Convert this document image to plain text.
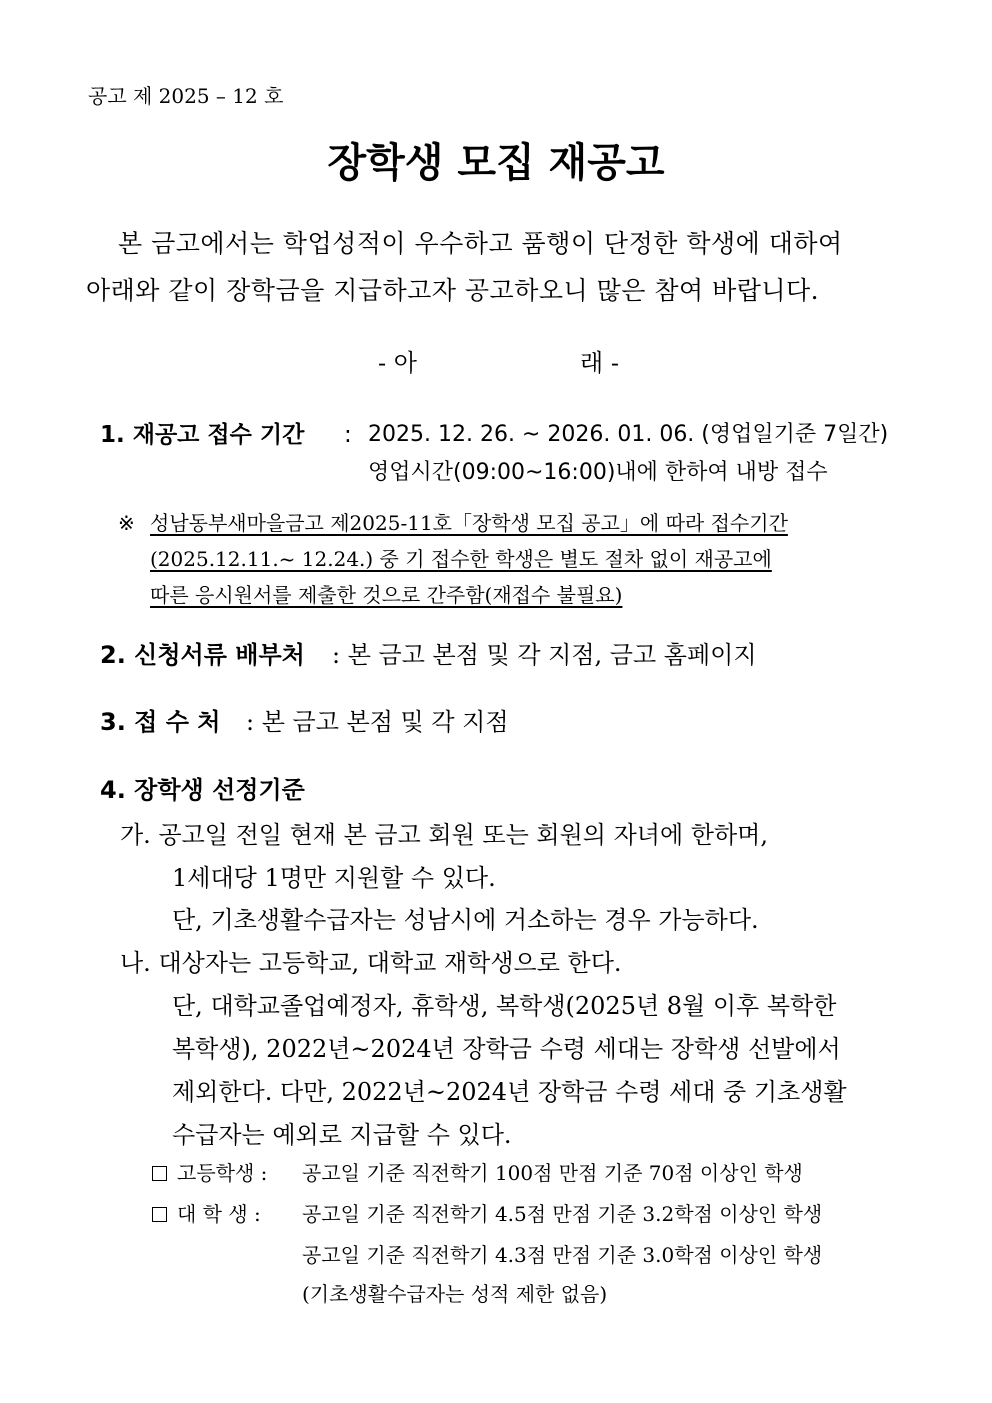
공고 제 2025 – 12 호
장학생 모집 재공고
본 금고에서는 학업성적이 우수하고 품행이 단정한 학생에 대하여
아래와 같이 장학금을 지급하고자 공고하오니 많은 참여 바랍니다.
- 아	래 -
1. 재공고 접수 기간 : 2025. 12. 26. ~ 2026. 01. 06. (영업일기준 7일간)
영업시간(09:00~16:00)내에 한하여 내방 접수
※ 성남동부새마을금고 제2025-11호「장학생 모집 공고」에 따라 접수기간
(2025.12.11.~ 12.24.) 중 기 접수한 학생은 별도 절차 없이 재공고에
따른 응시원서를 제출한 것으로 간주함(재접수 불필요)
2. 신청서류 배부처 : 본 금고 본점 및 각 지점, 금고 홈페이지
3. 접 수 처 : 본 금고 본점 및 각 지점
4. 장학생 선정기준
가. 공고일 전일 현재 본 금고 회원 또는 회원의 자녀에 한하며,
1세대당 1명만 지원할 수 있다.
단, 기초생활수급자는 성남시에 거소하는 경우 가능하다.
나. 대상자는 고등학교, 대학교 재학생으로 한다.
단, 대학교졸업예정자, 휴학생, 복학생(2025년 8월 이후 복학한
복학생), 2022년~2024년 장학금 수령 세대는 장학생 선발에서
제외한다. 다만, 2022년~2024년 장학금 수령 세대 중 기초생활
수급자는 예외로 지급할 수 있다.
고등학생 : 공고일 기준 직전학기 100점 만점 기준 70점 이상인 학생
대 학 생 : 공고일 기준 직전학기 4.5점 만점 기준 3.2학점 이상인 학생
공고일 기준 직전학기 4.3점 만점 기준 3.0학점 이상인 학생
(기초생활수급자는 성적 제한 없음)
